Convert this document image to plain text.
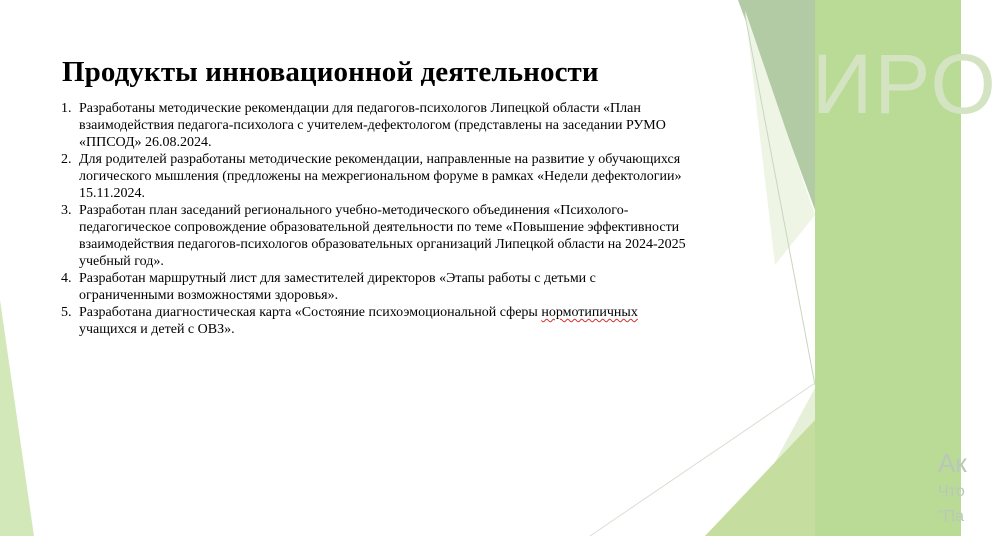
ИРО
Ак
Что
"Па
Продукты инновационной деятельности
1. Разработаны методические рекомендации для педагогов-психологов Липецкой области «План взаимодействия педагога-психолога с учителем-дефектологом (представлены на заседании РУМО «ППСОД» 26.08.2024.
2. Для родителей разработаны методические рекомендации, направленные на развитие у обучающихся логического мышления (предложены на межрегиональном форуме в рамках «Недели дефектологии» 15.11.2024.
3. Разработан план заседаний регионального учебно-методического объединения «Психолого-педагогическое сопровождение образовательной деятельности по теме «Повышение эффективности взаимодействия педагогов-психологов образовательных организаций Липецкой области на 2024-2025 учебный год».
4. Разработан маршрутный лист для заместителей директоров «Этапы работы с детьми с ограниченными возможностями здоровья».
5. Разработана диагностическая карта «Состояние психоэмоциональной сферы нормотипичных учащихся и детей с ОВЗ».
